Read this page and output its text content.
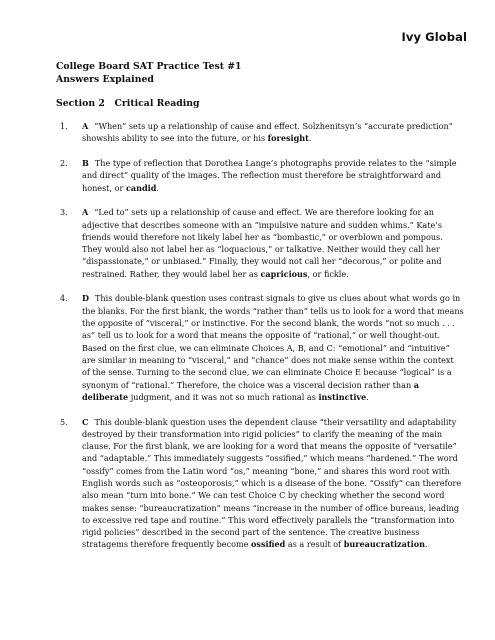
Ivy Global
College Board SAT Practice Test #1
Answers Explained
Section 2   Critical Reading
1. A “When” sets up a relationship of cause and effect. Solzhenitsyn’s “accurate prediction” showshis ability to see into the future, or his foresight.
2. B The type of reflection that Dorothea Lange’s photographs provide relates to the “simple and direct” quality of the images. The reflection must therefore be straightforward and honest, or candid.
3. A “Led to” sets up a relationship of cause and effect. We are therefore looking for an adjective that describes someone with an “impulsive nature and sudden whims.” Kate’s friends would therefore not likely label her as “bombastic,” or overblown and pompous. They would also not label her as “loquacious,” or talkative. Neither would they call her “dispassionate,” or unbiased.” Finally, they would not call her “decorous,” or polite and restrained. Rather, they would label her as capricious, or fickle.
4. D This double-blank question uses contrast signals to give us clues about what words go in the blanks. For the first blank, the words “rather than” tells us to look for a word that means the opposite of “visceral,” or instinctive. For the second blank, the words “not so much . . . as” tell us to look for a word that means the opposite of “rational,” or well thought-out. Based on the first clue, we can eliminate Choices A, B, and C: “emotional” and “intuitive” are similar in meaning to “visceral,” and “chance” does not make sense within the context of the sense. Turning to the second clue, we can eliminate Choice E because “logical” is a synonym of “rational.” Therefore, the choice was a visceral decision rather than a deliberate judgment, and it was not so much rational as instinctive.
5. C This double-blank question uses the dependent clause “their versatility and adaptability destroyed by their transformation into rigid policies” to clarify the meaning of the main clause. For the first blank, we are looking for a word that means the opposite of “versatile” and “adaptable.” This immediately suggests “ossified,” which means “hardened.” The word “ossify” comes from the Latin word “os,” meaning “bone,” and shares this word root with English words such as “osteoporosis,” which is a disease of the bone. “Ossify” can therefore also mean “turn into bone.” We can test Choice C by checking whether the second word makes sense: “bureaucratization” means “increase in the number of office bureaus, leading to excessive red tape and routine.” This word effectively parallels the “transformation into rigid policies” described in the second part of the sentence. The creative business stratagems therefore frequently become ossified as a result of bureaucratization.
